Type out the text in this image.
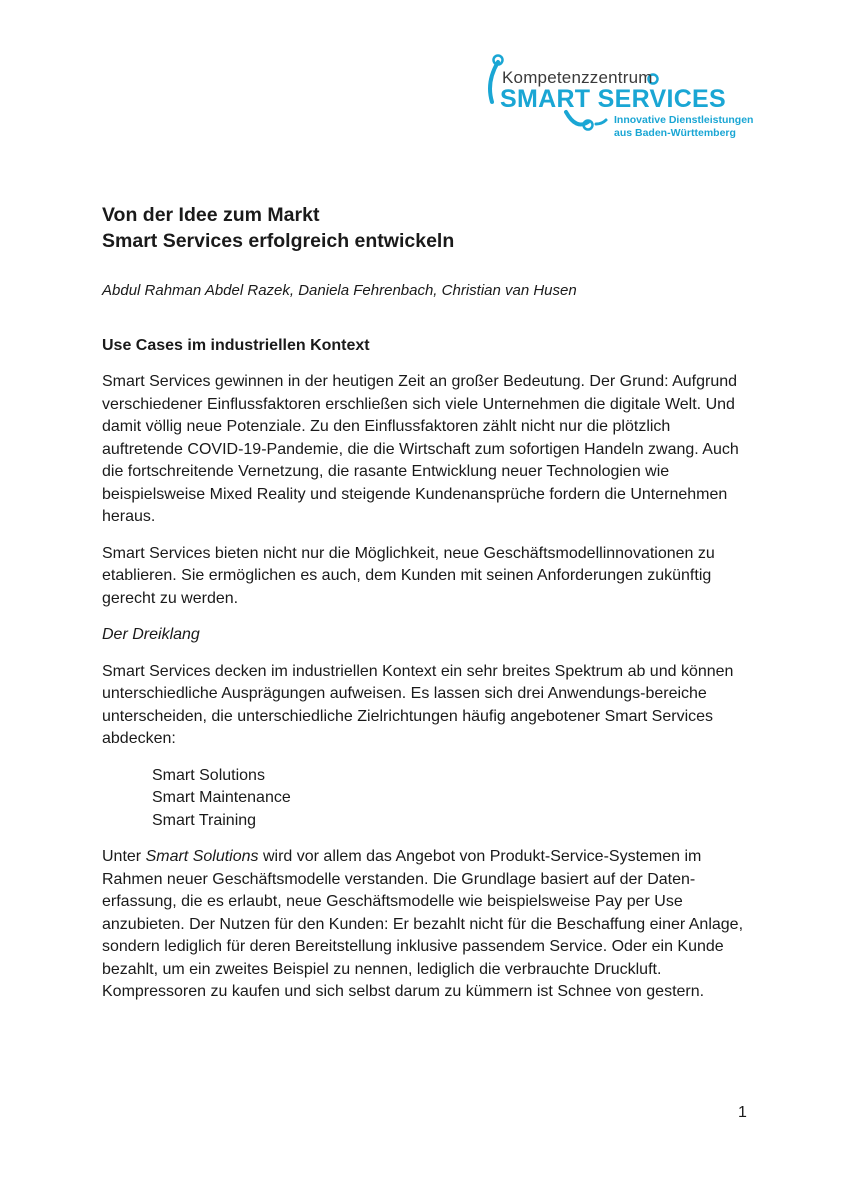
Kompetenzzentrum
SMART SERVICES
Innovative Dienstleistungen
aus Baden-Württemberg
Von der Idee zum Markt
Smart Services erfolgreich entwickeln

Abdul Rahman Abdel Razek, Daniela Fehrenbach, Christian van Husen

Use Cases im industriellen Kontext

Smart Services gewinnen in der heutigen Zeit an großer Bedeutung. Der Grund: Aufgrund verschiedener Einflussfaktoren erschließen sich viele Unternehmen die digitale Welt. Und damit völlig neue Potenziale. Zu den Einflussfaktoren zählt nicht nur die plötzlich auftretende COVID-19-Pandemie, die die Wirtschaft zum sofortigen Handeln zwang. Auch die fortschreitende Vernetzung, die rasante Entwicklung neuer Technologien wie beispielsweise Mixed Reality und steigende Kundenansprüche fordern die Unternehmen heraus.

Smart Services bieten nicht nur die Möglichkeit, neue Geschäftsmodellinnovationen zu etablieren. Sie ermöglichen es auch, dem Kunden mit seinen Anforderungen zukünftig gerecht zu werden.

Der Dreiklang

Smart Services decken im industriellen Kontext ein sehr breites Spektrum ab und können unterschiedliche Ausprägungen aufweisen. Es lassen sich drei Anwendungs-bereiche unterscheiden, die unterschiedliche Zielrichtungen häufig angebotener Smart Services abdecken:

Smart Solutions
Smart Maintenance
Smart Training

Unter Smart Solutions wird vor allem das Angebot von Produkt-Service-Systemen im Rahmen neuer Geschäftsmodelle verstanden. Die Grundlage basiert auf der Daten-erfassung, die es erlaubt, neue Geschäftsmodelle wie beispielsweise Pay per Use anzubieten. Der Nutzen für den Kunden: Er bezahlt nicht für die Beschaffung einer Anlage, sondern lediglich für deren Bereitstellung inklusive passendem Service. Oder ein Kunde bezahlt, um ein zweites Beispiel zu nennen, lediglich die verbrauchte Druckluft. Kompressoren zu kaufen und sich selbst darum zu kümmern ist Schnee von gestern.

1
